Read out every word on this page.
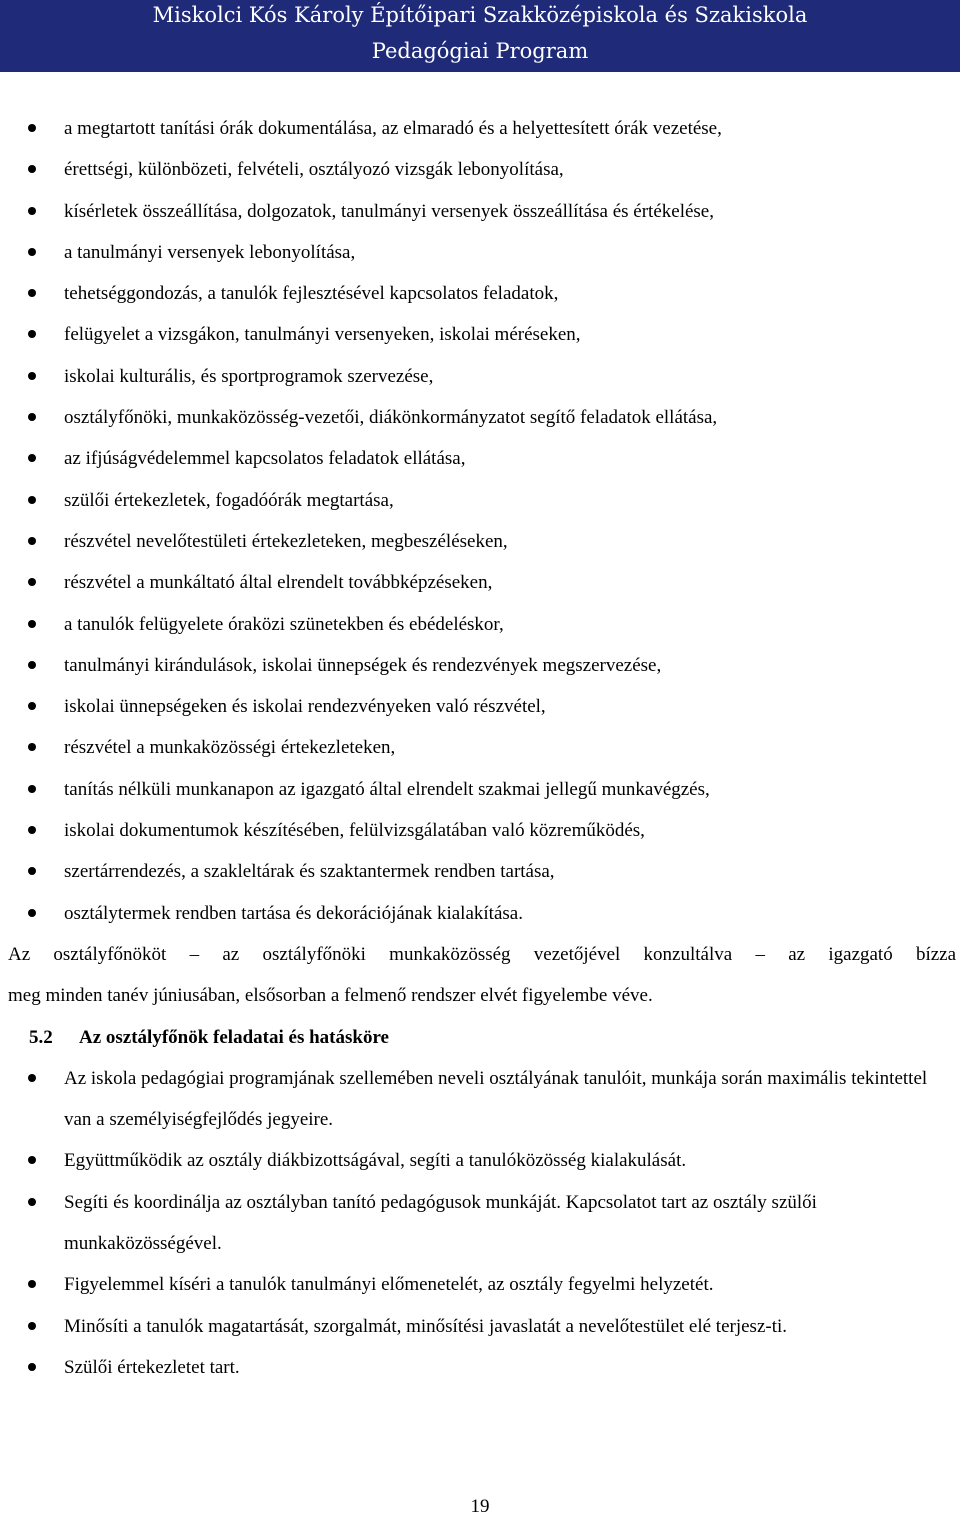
Miskolci Kós Károly Építőipari Szakközépiskola és Szakiskola
Pedagógiai Program
a megtartott tanítási órák dokumentálása, az elmaradó és a helyettesített órák vezetése,
érettségi, különbözeti, felvételi, osztályozó vizsgák lebonyolítása,
kísérletek összeállítása, dolgozatok, tanulmányi versenyek összeállítása és értékelése,
a tanulmányi versenyek lebonyolítása,
tehetséggondozás, a tanulók fejlesztésével kapcsolatos feladatok,
felügyelet a vizsgákon, tanulmányi versenyeken, iskolai méréseken,
iskolai kulturális, és sportprogramok szervezése,
osztályfőnöki, munkaközösség-vezetői, diákönkormányzatot segítő feladatok ellátása,
az ifjúságvédelemmel kapcsolatos feladatok ellátása,
szülői értekezletek, fogadóórák megtartása,
részvétel nevelőtestületi értekezleteken, megbeszéléseken,
részvétel a munkáltató által elrendelt továbbképzéseken,
a tanulók felügyelete óraközi szünetekben és ebédeléskor,
tanulmányi kirándulások, iskolai ünnepségek és rendezvények megszervezése,
iskolai ünnepségeken és iskolai rendezvényeken való részvétel,
részvétel a munkaközösségi értekezleteken,
tanítás nélküli munkanapon az igazgató által elrendelt szakmai jellegű munkavégzés,
iskolai dokumentumok készítésében, felülvizsgálatában való közreműködés,
szertárrendezés, a szakleltárak és szaktantermek rendben tartása,
osztálytermek rendben tartása és dekorációjának kialakítása.

Az osztályfőnököt – az osztályfőnöki munkaközösség vezetőjével konzultálva – az igazgató bízza

meg minden tanév júniusában, elsősorban a felmenő rendszer elvét figyelembe véve.

5.2 Az osztályfőnök feladatai és hatásköre
Az iskola pedagógiai programjának szellemében neveli osztályának tanulóit, munkája során maximális tekintettel van a személyiségfejlődés jegyeire.
Együttműködik az osztály diákbizottságával, segíti a tanulóközösség kialakulását.
Segíti és koordinálja az osztályban tanító pedagógusok munkáját. Kapcsolatot tart az osztály szülői munkaközösségével.
Figyelemmel kíséri a tanulók tanulmányi előmenetelét, az osztály fegyelmi helyzetét.
Minősíti a tanulók magatartását, szorgalmát, minősítési javaslatát a nevelőtestület elé terjesz-ti.
Szülői értekezletet tart.
19
